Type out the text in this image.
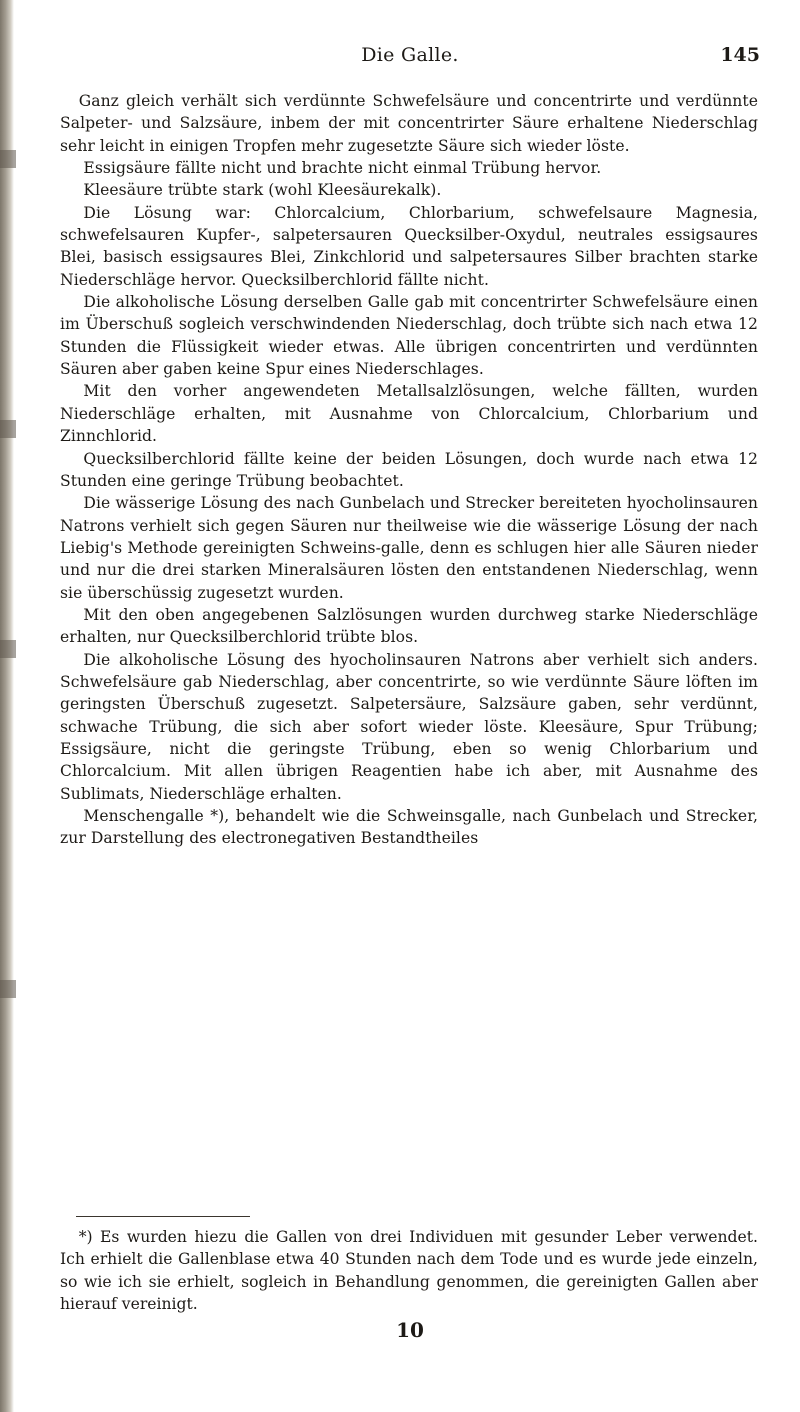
Die Galle.	145

Ganz gleich verhält sich verdünnte Schwefelsäure und concentrirte und verdünnte Salpeter- und Salzsäure, inbem der mit concentrirter Säure erhaltene Niederschlag sehr leicht in einigen Tropfen mehr zugesetzte Säure sich wieder löste.

Essigsäure fällte nicht und brachte nicht einmal Trübung hervor.

Kleesäure trübte stark (wohl Kleesäurekalk).

Die Lösung war: Chlorcalcium, Chlorbarium, schwefelsaure Magnesia, schwefelsauren Kupfer-, salpetersauren Quecksilber-Oxydul, neutrales essigsaures Blei, basisch essigsaures Blei, Zinkchlorid und salpetersaures Silber brachten starke Niederschläge hervor. Quecksilberchlorid fällte nicht.

Die alkoholische Lösung derselben Galle gab mit concentrirter Schwefelsäure einen im Überschuß sogleich verschwindenden Niederschlag, doch trübte sich nach etwa 12 Stunden die Flüssigkeit wieder etwas. Alle übrigen concentrirten und verdünnten Säuren aber gaben keine Spur eines Niederschlages.

Mit den vorher angewendeten Metallsalzlösungen, welche fällten, wurden Niederschläge erhalten, mit Ausnahme von Chlorcalcium, Chlorbarium und Zinnchlorid.

Quecksilberchlorid fällte keine der beiden Lösungen, doch wurde nach etwa 12 Stunden eine geringe Trübung beobachtet.

Die wässerige Lösung des nach Gunbelach und Strecker bereiteten hyocholinsauren Natrons verhielt sich gegen Säuren nur theilweise wie die wässerige Lösung der nach Liebig's Methode gereinigten Schweins-galle, denn es schlugen hier alle Säuren nieder und nur die drei starken Mineralsäuren lösten den entstandenen Niederschlag, wenn sie überschüssig zugesetzt wurden.

Mit den oben angegebenen Salzlösungen wurden durchweg starke Niederschläge erhalten, nur Quecksilberchlorid trübte blos.

Die alkoholische Lösung des hyocholinsauren Natrons aber verhielt sich anders. Schwefelsäure gab Niederschlag, aber concentrirte, so wie verdünnte Säure löften im geringsten Überschuß zugesetzt. Salpetersäure, Salzsäure gaben, sehr verdünnt, schwache Trübung, die sich aber sofort wieder löste. Kleesäure, Spur Trübung; Essigsäure, nicht die geringste Trübung, eben so wenig Chlorbarium und Chlorcalcium. Mit allen übrigen Reagentien habe ich aber, mit Ausnahme des Sublimats, Niederschläge erhalten.

Menschengalle *), behandelt wie die Schweinsgalle, nach Gunbelach und Strecker, zur Darstellung des electronegativen Bestandtheiles

*) Es wurden hiezu die Gallen von drei Individuen mit gesunder Leber verwendet. Ich erhielt die Gallenblase etwa 40 Stunden nach dem Tode und es wurde jede einzeln, so wie ich sie erhielt, sogleich in Behandlung genommen, die gereinigten Gallen aber hierauf vereinigt.

10
